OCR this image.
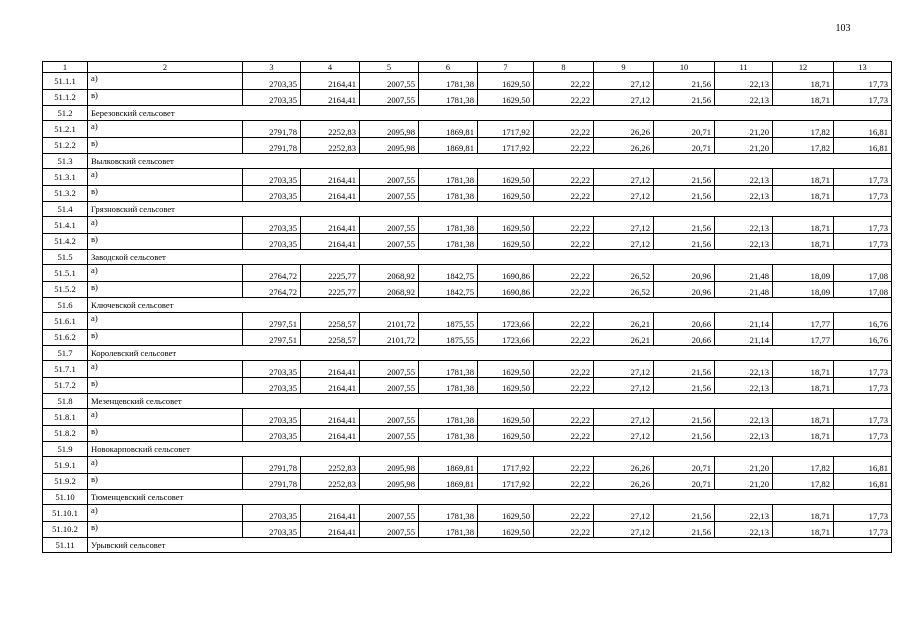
103
1	2	3	4	5	6	7	8	9	10	11	12	13
51.1.1	а)	2703,35	2164,41	2007,55	1781,38	1629,50	22,22	27,12	21,56	22,13	18,71	17,73
51.1.2	в)	2703,35	2164,41	2007,55	1781,38	1629,50	22,22	27,12	21,56	22,13	18,71	17,73
51.2	Березовский сельсовет											
51.2.1	а)	2791,78	2252,83	2095,98	1869,81	1717,92	22,22	26,26	20,71	21,20	17,82	16,81
51.2.2	в)	2791,78	2252,83	2095,98	1869,81	1717,92	22,22	26,26	20,71	21,20	17,82	16,81
51.3	Вылковский сельсовет											
51.3.1	а)	2703,35	2164,41	2007,55	1781,38	1629,50	22,22	27,12	21,56	22,13	18,71	17,73
51.3.2	в)	2703,35	2164,41	2007,55	1781,38	1629,50	22,22	27,12	21,56	22,13	18,71	17,73
51.4	Грязновский сельсовет											
51.4.1	а)	2703,35	2164,41	2007,55	1781,38	1629,50	22,22	27,12	21,56	22,13	18,71	17,73
51.4.2	в)	2703,35	2164,41	2007,55	1781,38	1629,50	22,22	27,12	21,56	22,13	18,71	17,73
51.5	Заводской сельсовет											
51.5.1	а)	2764,72	2225,77	2068,92	1842,75	1690,86	22,22	26,52	20,96	21,48	18,09	17,08
51.5.2	в)	2764,72	2225,77	2068,92	1842,75	1690,86	22,22	26,52	20,96	21,48	18,09	17,08
51.6	Ключевской сельсовет											
51.6.1	а)	2797,51	2258,57	2101,72	1875,55	1723,66	22,22	26,21	20,66	21,14	17,77	16,76
51.6.2	в)	2797,51	2258,57	2101,72	1875,55	1723,66	22,22	26,21	20,66	21,14	17,77	16,76
51.7	Королевский сельсовет											
51.7.1	а)	2703,35	2164,41	2007,55	1781,38	1629,50	22,22	27,12	21,56	22,13	18,71	17,73
51.7.2	в)	2703,35	2164,41	2007,55	1781,38	1629,50	22,22	27,12	21,56	22,13	18,71	17,73
51.8	Мезенцевский сельсовет											
51.8.1	а)	2703,35	2164,41	2007,55	1781,38	1629,50	22,22	27,12	21,56	22,13	18,71	17,73
51.8.2	в)	2703,35	2164,41	2007,55	1781,38	1629,50	22,22	27,12	21,56	22,13	18,71	17,73
51.9	Новокарповский сельсовет											
51.9.1	а)	2791,78	2252,83	2095,98	1869,81	1717,92	22,22	26,26	20,71	21,20	17,82	16,81
51.9.2	в)	2791,78	2252,83	2095,98	1869,81	1717,92	22,22	26,26	20,71	21,20	17,82	16,81
51.10	Тюменцевский сельсовет											
51.10.1	а)	2703,35	2164,41	2007,55	1781,38	1629,50	22,22	27,12	21,56	22,13	18,71	17,73
51.10.2	в)	2703,35	2164,41	2007,55	1781,38	1629,50	22,22	27,12	21,56	22,13	18,71	17,73
51.11	Урывский сельсовет											
